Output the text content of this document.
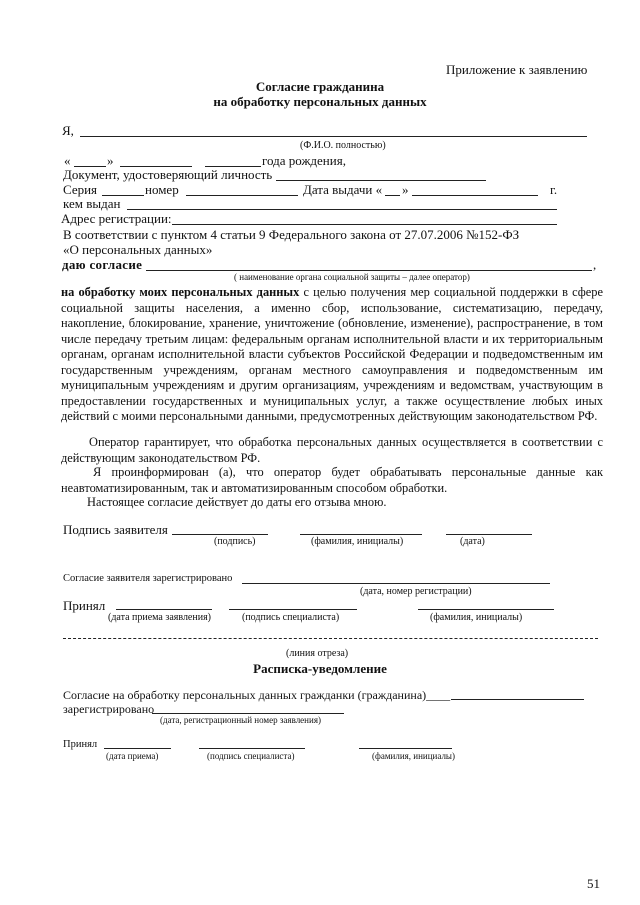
Приложение к заявлению
Согласие гражданина
на обработку персональных данных
Я,
(Ф.И.О. полностью)
«	»	года рождения,
Документ, удостоверяющий личность
Серия	номер	Дата выдачи « »	г.
кем выдан
Адрес регистрации:
В соответствии с пунктом 4 статьи 9 Федерального закона от 27.07.2006 №152-ФЗ
«О персональных данных»
даю согласие	,
( наименование органа социальной защиты – далее оператор)
на обработку моих персональных данных с целью получения мер социальной поддержки в сфере социальной защиты населения, а именно сбор, использование, систематизацию, передачу, накопление, блокирование, хранение, уничтожение (обновление, изменение), распространение, в том числе передачу третьим лицам: федеральным органам исполнительной власти и их территориальным органам, органам исполнительной власти субъектов Российской Федерации и подведомственным им государственным учреждениям, органам местного самоуправления и подведомственным им муниципальным учреждениям и другим организациям, учреждениям и ведомствам, участвующим в предоставлении государственных и муниципальных услуг, а также осуществление любых иных действий с моими персональными данными, предусмотренных действующим законодательством РФ.
Оператор гарантирует, что обработка персональных данных осуществляется в соответствии с действующим законодательством РФ.
Я проинформирован (а), что оператор будет обрабатывать персональные данные как неавтоматизированным, так и автоматизированным способом обработки.
Настоящее согласие действует до даты его отзыва мною.
Подпись заявителя
(подпись)	(фамилия, инициалы)	(дата)
Согласие заявителя зарегистрировано
(дата, номер регистрации)
Принял
(дата приема заявления)	(подпись специалиста)	(фамилия, инициалы)
(линия отреза)
Расписка-уведомление
Согласие на обработку персональных данных гражданки (гражданина)____
зарегистрировано
(дата, регистрационный номер заявления)
Принял
(дата приема)	(подпись специалиста)	(фамилия, инициалы)
51
